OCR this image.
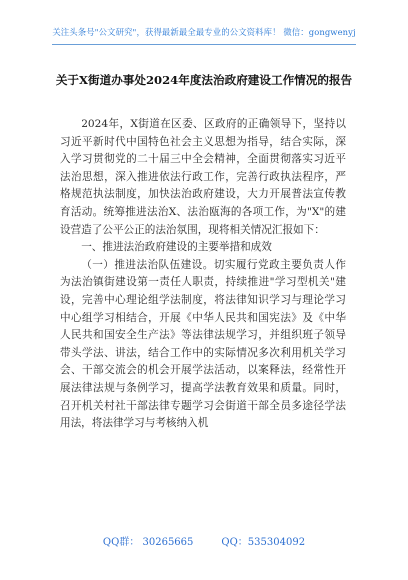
关注头条号"公文研究"，获得最新最全最专业的公文资料库！ 微信：gongwenyj
关于X街道办事处2024年度法治政府建设工作情况的报告

2024年，X街道在区委、区政府的正确领导下，坚持以习近平新时代中国特色社会主义思想为指导，结合实际，深入学习贯彻党的二十届三中全会精神，全面贯彻落实习近平法治思想，深入推进依法行政工作，完善行政执法程序，严格规范执法制度，加快法治政府建设，大力开展普法宣传教育活动。统筹推进法治X、法治瓯海的各项工作，为"X"的建设营造了公平公正的法治氛围，现将相关情况汇报如下：

一、推进法治政府建设的主要举措和成效

（一）推进法治队伍建设。切实履行党政主要负责人作为法治镇街建设第一责任人职责，持续推进"学习型机关"建设，完善中心理论组学法制度，将法律知识学习与理论学习中心组学习相结合，开展《中华人民共和国宪法》及《中华人民共和国安全生产法》等法律法规学习，并组织班子领导带头学法、讲法，结合工作中的实际情况多次利用机关学习会、干部交流会的机会开展学法活动，以案释法，经常性开展法律法规与条例学习，提高学法教育效果和质量。同时，召开机关村社干部法律专题学习会街道干部全员多途径学法用法，将法律学习与考核纳入机

QQ群： 30265665	QQ：535304092
